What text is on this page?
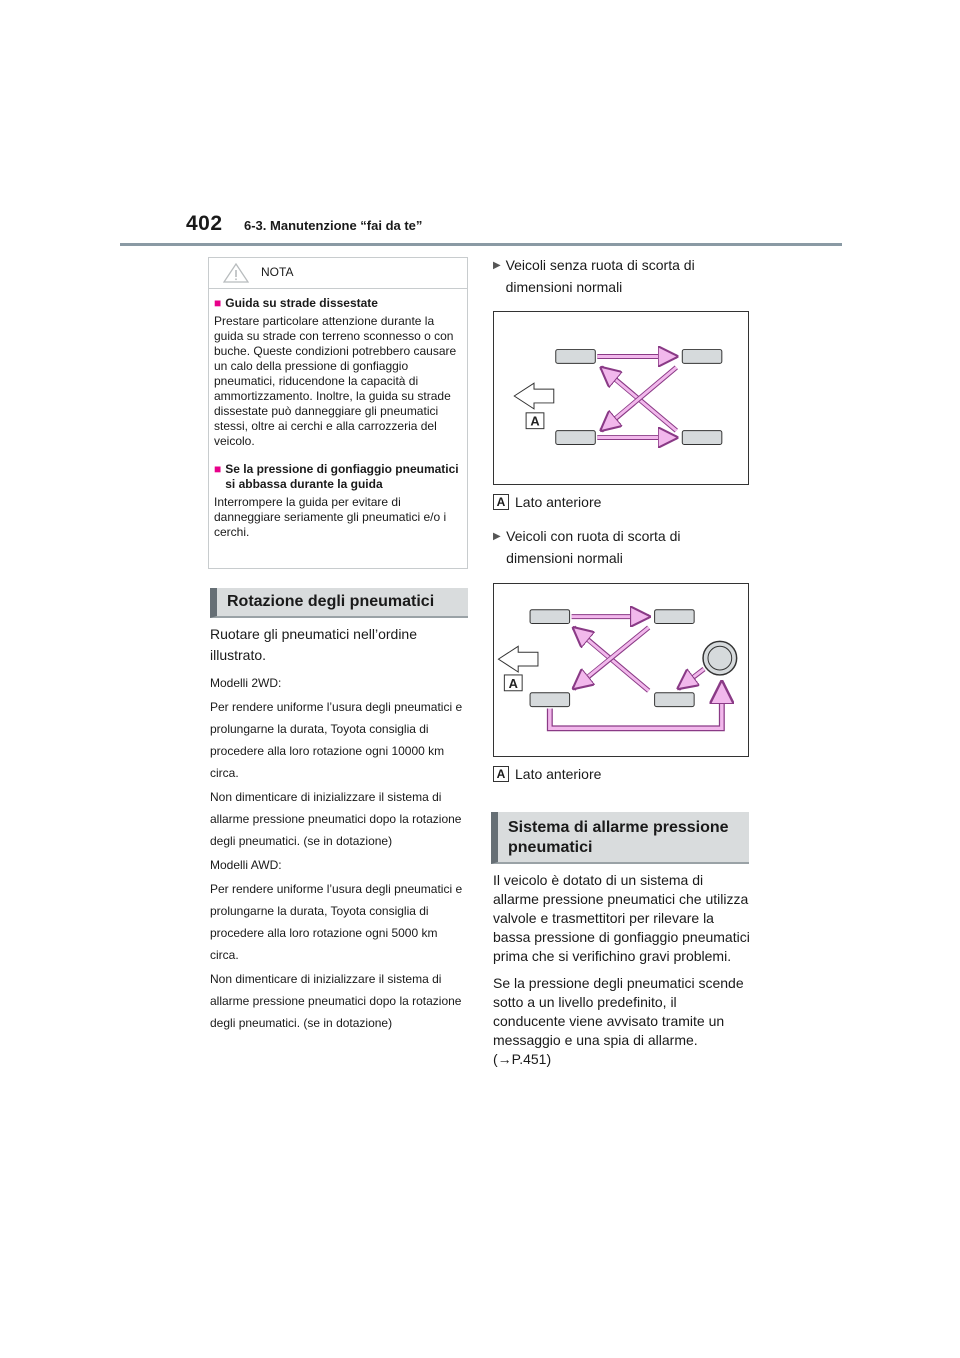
402 6-3. Manutenzione “fai da te”
NOTA
■ Guida su strade dissestate

Prestare particolare attenzione durante la guida su strade con terreno sconnesso o con buche. Queste condizioni potrebbero causare un calo della pressione di gonfiaggio pneumatici, riducendone la capacità di ammortizzamento. Inoltre, la guida su strade dissestate può danneggiare gli pneumatici stessi, oltre ai cerchi e alla carrozzeria del veicolo.

■ Se la pressione di gonfiaggio pneumatici si abbassa durante la guida

Interrompere la guida per evitare di danneggiare seriamente gli pneumatici e/o i cerchi.

Rotazione degli pneumatici

Ruotare gli pneumatici nell’ordine illustrato.

Modelli 2WD:

Per rendere uniforme l’usura degli pneumatici e prolungarne la durata, Toyota consiglia di procedere alla loro rotazione ogni 10000 km circa.

Non dimenticare di inizializzare il sistema di allarme pressione pneumatici dopo la rotazione degli pneumatici. (se in dotazione)

Modelli AWD:

Per rendere uniforme l’usura degli pneumatici e prolungarne la durata, Toyota consiglia di procedere alla loro rotazione ogni 5000 km circa.

Non dimenticare di inizializzare il sistema di allarme pressione pneumatici dopo la rotazione degli pneumatici. (se in dotazione)

▶ Veicoli senza ruota di scorta di dimensioni normali
A
A Lato anteriore
▶ Veicoli con ruota di scorta di dimensioni normali
A
A Lato anteriore
Sistema di allarme pressione pneumatici

Il veicolo è dotato di un sistema di allarme pressione pneumatici che utilizza valvole e trasmettitori per rilevare la bassa pressione di gonfiaggio pneumatici prima che si verifichino gravi problemi.

Se la pressione degli pneumatici scende sotto a un livello predefinito, il conducente viene avvisato tramite un messaggio e una spia di allarme.

(→P.451)
